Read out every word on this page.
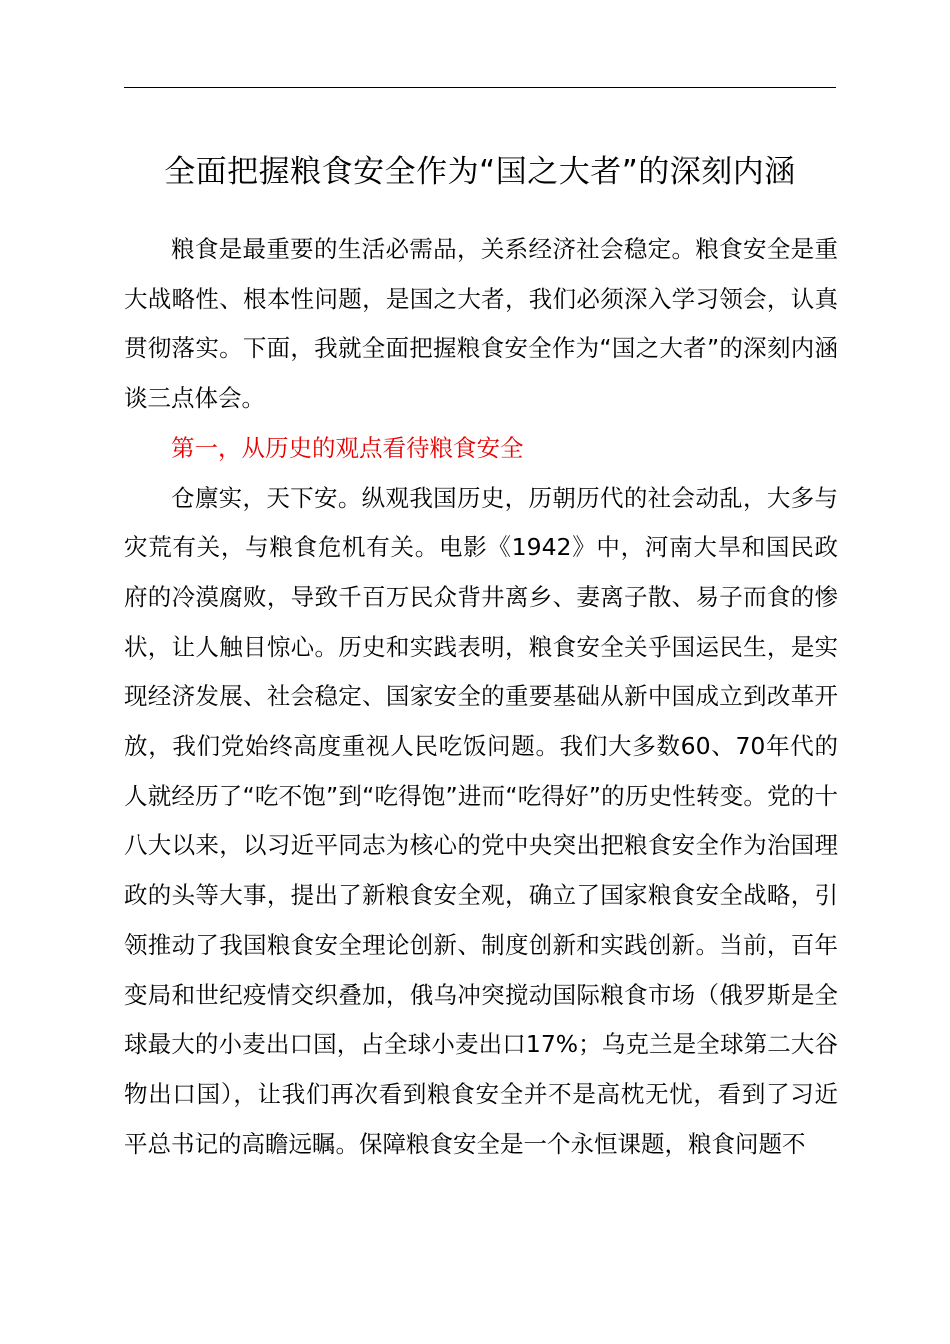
全面把握粮食安全作为“国之大者”的深刻内涵

粮食是最重要的生活必需品，关系经济社会稳定。粮食安全是重大战略性、根本性问题，是国之大者，我们必须深入学习领会，认真贯彻落实。下面，我就全面把握粮食安全作为“国之大者”的深刻内涵谈三点体会。

第一，从历史的观点看待粮食安全

仓廪实，天下安。纵观我国历史，历朝历代的社会动乱，大多与灾荒有关，与粮食危机有关。电影《1942》中，河南大旱和国民政府的冷漠腐败，导致千百万民众背井离乡、妻离子散、易子而食的惨状，让人触目惊心。历史和实践表明，粮食安全关乎国运民生，是实现经济发展、社会稳定、国家安全的重要基础从新中国成立到改革开放，我们党始终高度重视人民吃饭问题。我们大多数60、70年代的人就经历了“吃不饱”到“吃得饱”进而“吃得好”的历史性转变。党的十八大以来，以习近平同志为核心的党中央突出把粮食安全作为治国理政的头等大事，提出了新粮食安全观，确立了国家粮食安全战略，引领推动了我国粮食安全理论创新、制度创新和实践创新。当前，百年变局和世纪疫情交织叠加，俄乌冲突搅动国际粮食市场（俄罗斯是全球最大的小麦出口国，占全球小麦出口17%；乌克兰是全球第二大谷物出口国），让我们再次看到粮食安全并不是高枕无忧，看到了习近平总书记的高瞻远瞩。保障粮食安全是一个永恒课题，粮食问题不
